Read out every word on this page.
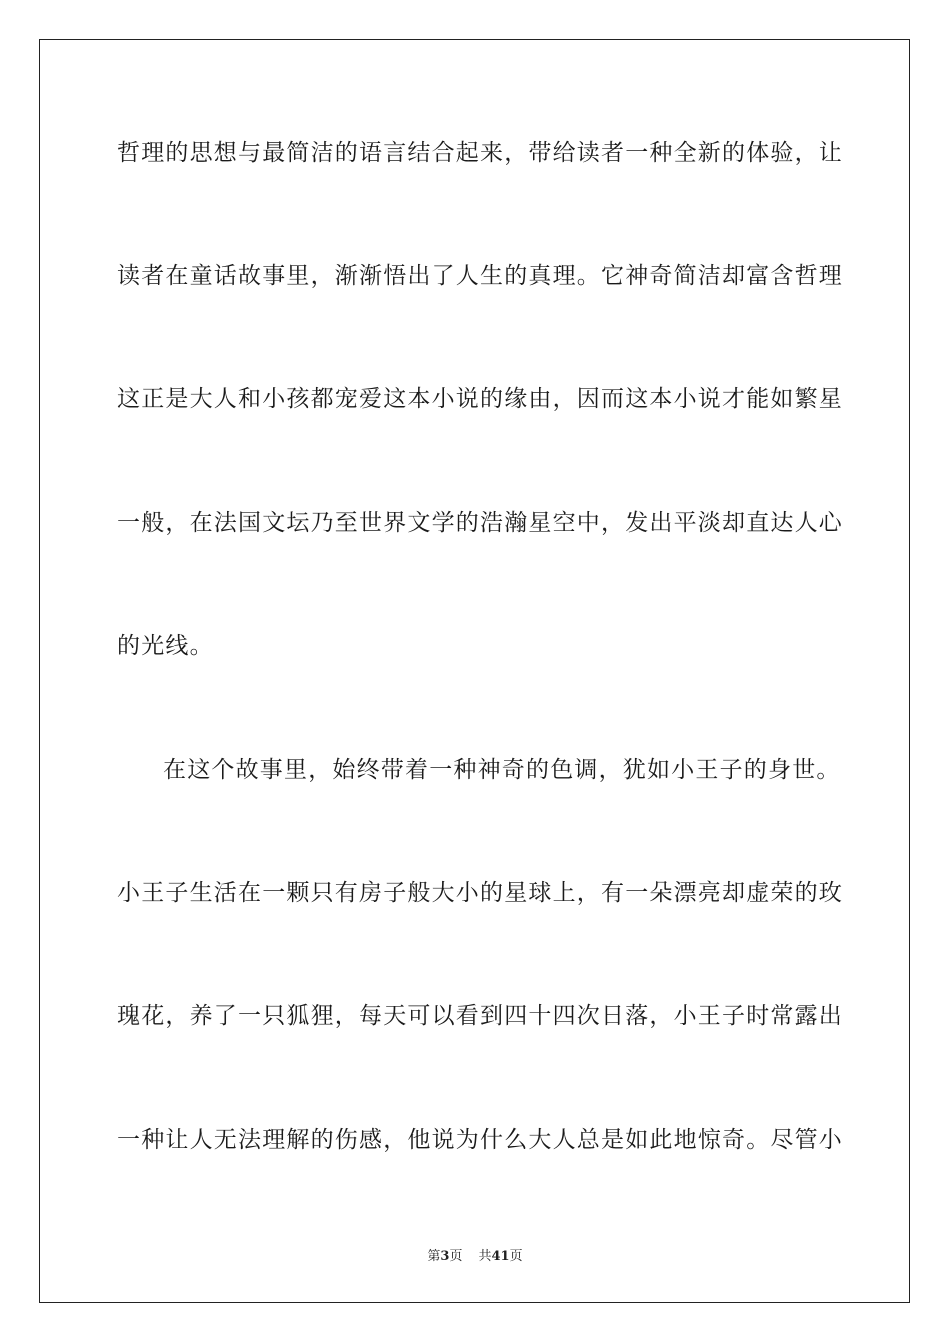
哲理的思想与最简洁的语言结合起来，带给读者一种全新的体验，让
读者在童话故事里，渐渐悟出了人生的真理。它神奇简洁却富含哲理
这正是大人和小孩都宠爱这本小说的缘由，因而这本小说才能如繁星
一般，在法国文坛乃至世界文学的浩瀚星空中，发出平淡却直达人心
的光线。
在这个故事里，始终带着一种神奇的色调，犹如小王子的身世。
小王子生活在一颗只有房子般大小的星球上，有一朵漂亮却虚荣的玫
瑰花，养了一只狐狸，每天可以看到四十四次日落，小王子时常露出
一种让人无法理解的伤感，他说为什么大人总是如此地惊奇。尽管小
第3页 共41页
